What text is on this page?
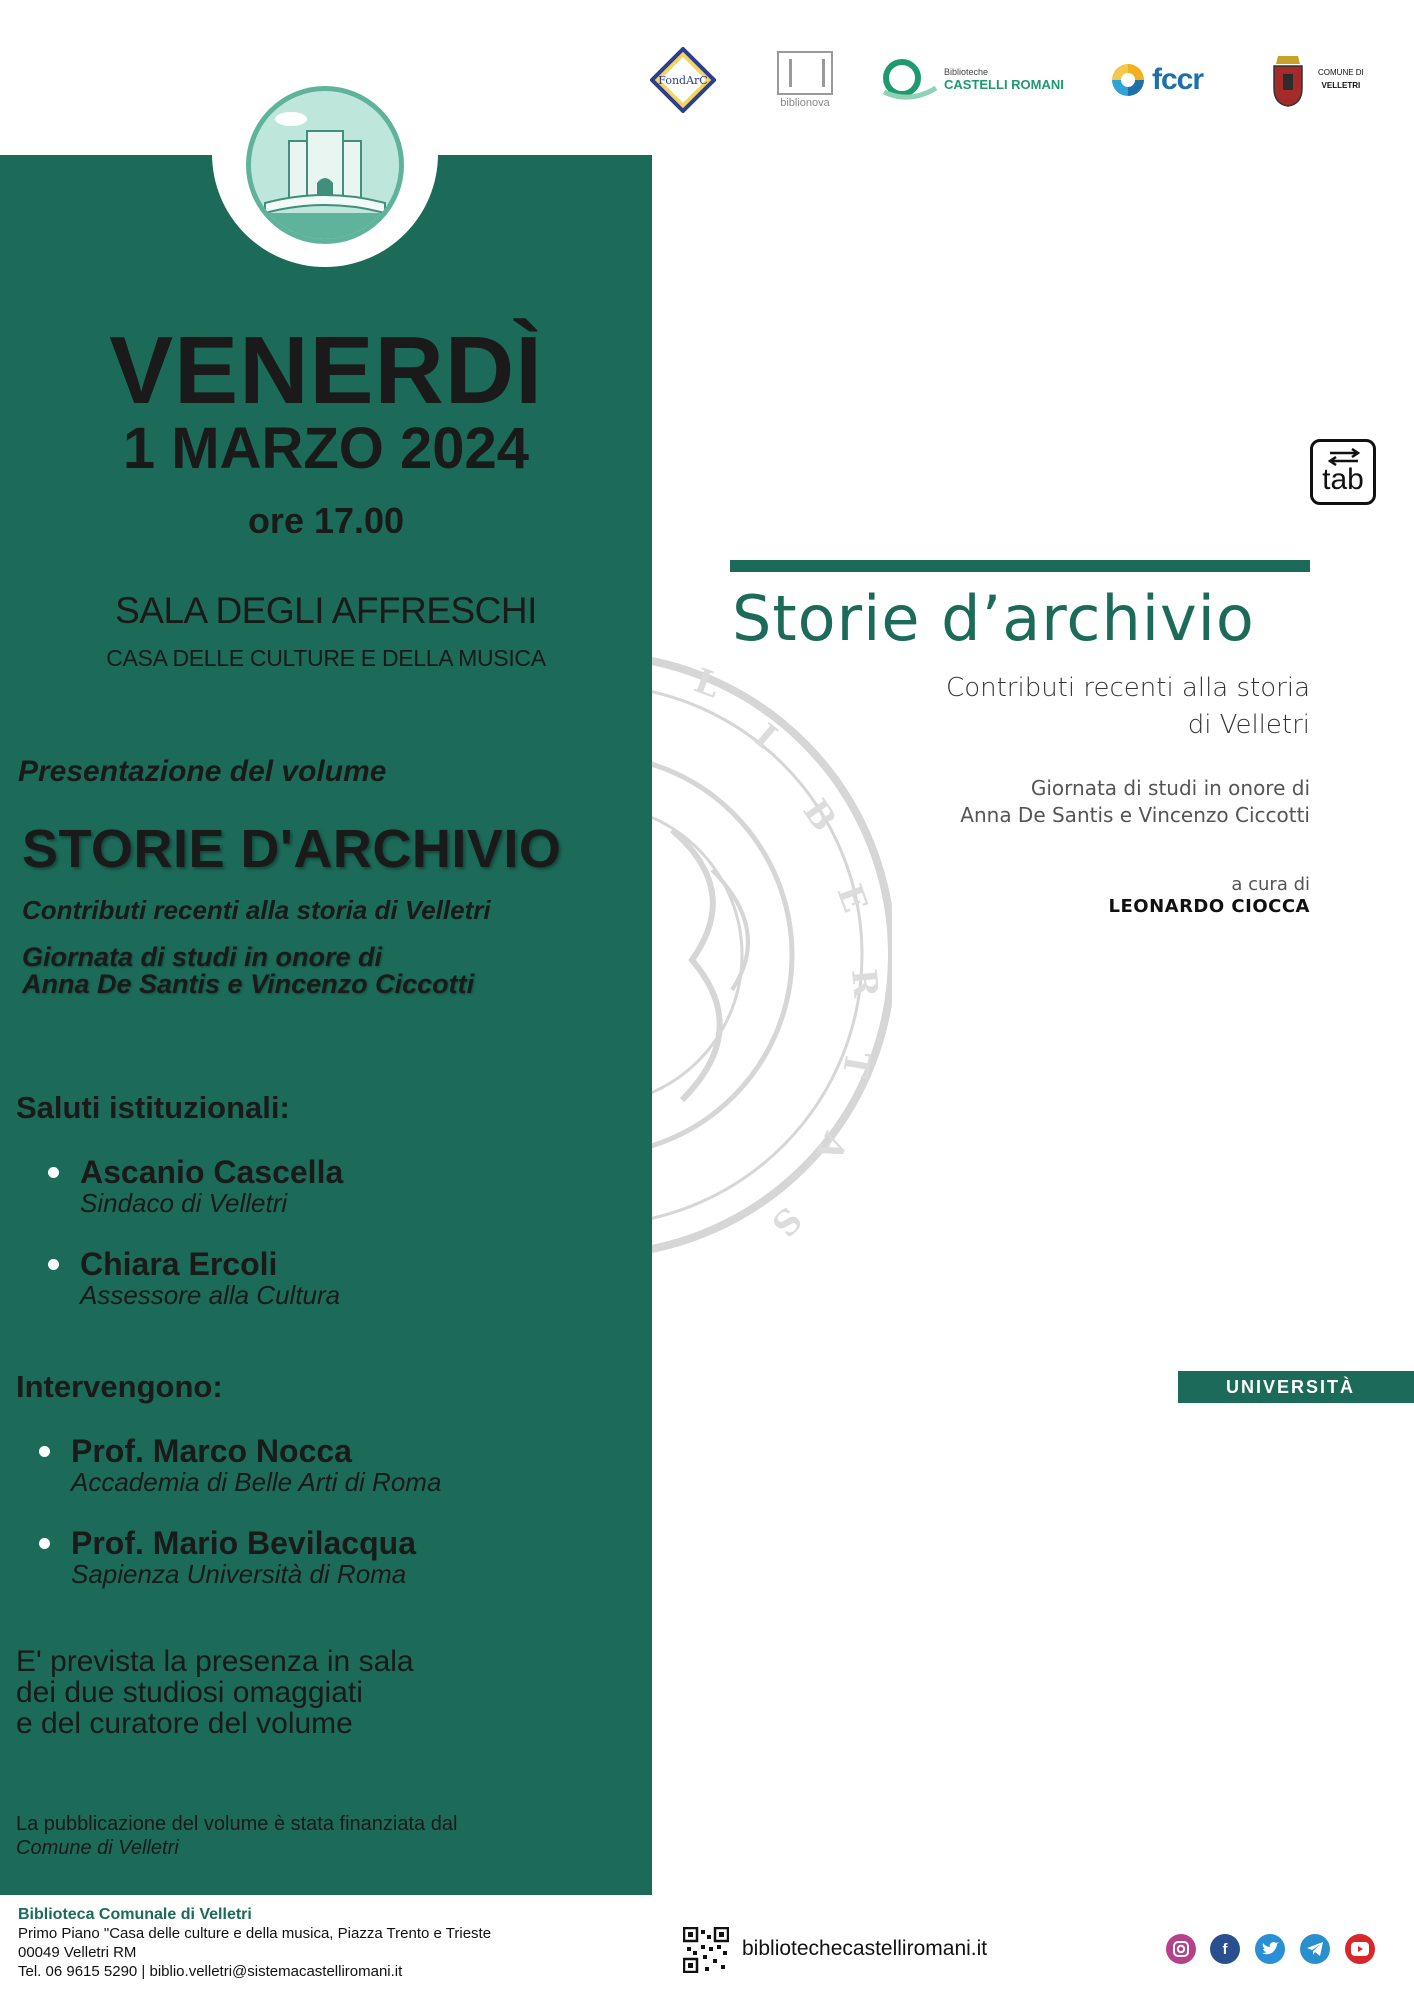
FondArC
biblionova
Biblioteche
CASTELLI ROMANI	fccr	COMUNE DI
VELLETRI
VENERDÌ
1 MARZO 2024
ore 17.00
SALA DEGLI AFFRESCHI
CASA DELLE CULTURE E DELLA MUSICA
Presentazione del volume
STORIE D'ARCHIVIO
Contributi recenti alla storia di Velletri
Giornata di studi in onore di
Anna De Santis e Vincenzo Ciccotti
Saluti istituzionali:
Ascanio Cascella
Sindaco di Velletri
Chiara Ercoli
Assessore alla Cultura
Intervengono:
Prof. Marco Nocca
Accademia di Belle Arti di Roma
Prof. Mario Bevilacqua
Sapienza Università di Roma
E' prevista la presenza in sala
dei due studiosi omaggiati
e del curatore del volume
La pubblicazione del volume è stata finanziata dal
Comune di Velletri
L
I
B
E
R
T
A
S
tab
Storie d’archivio
Contributi recenti alla storia
di Velletri
Giornata di studi in onore di
Anna De Santis e Vincenzo Ciccotti
a cura di
LEONARDO CIOCCA
UNIVERSITÀ
Biblioteca Comunale di Velletri
Primo Piano "Casa delle culture e della musica, Piazza Trento e Trieste
00049 Velletri RM
Tel. 06 9615 5290 | biblio.velletri@sistemacastelliromani.it
bibliotechecastelliromani.it	f
